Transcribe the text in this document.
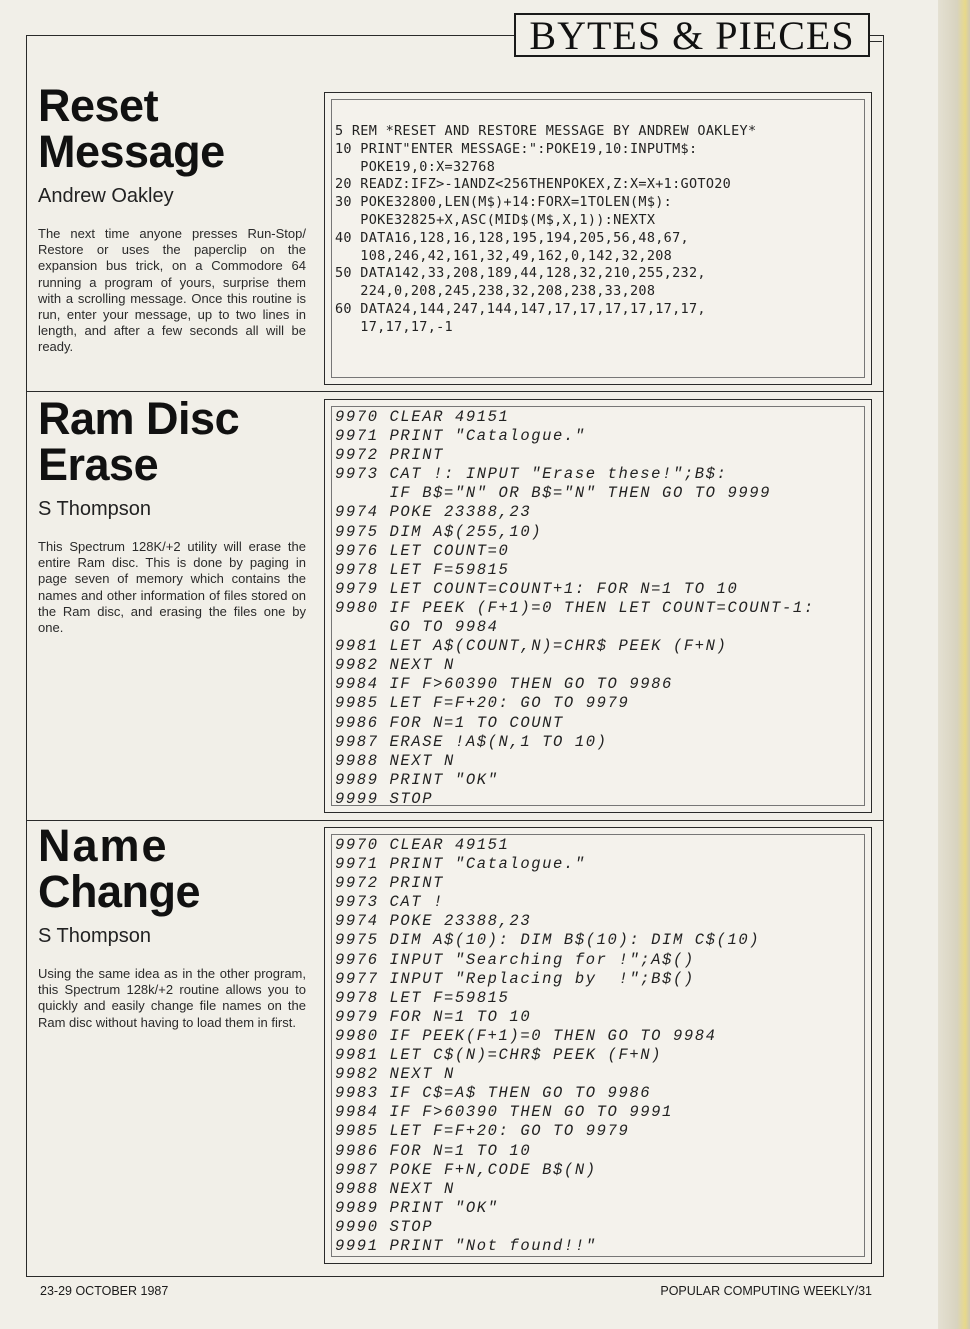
BYTES & PIECES
Reset
Message
Andrew Oakley
The next time anyone presses Run-Stop/ Restore or uses the paperclip on the expansion bus trick, on a Commodore 64 running a program of yours, surprise them with a scrolling message. Once this routine is run, enter your message, up to two lines in length, and after a few seconds all will be ready.
5 REM *RESET AND RESTORE MESSAGE BY ANDREW OAKLEY*
10 PRINT"ENTER MESSAGE:":POKE19,10:INPUTM$:
POKE19,0:X=32768
20 READZ:IFZ>-1ANDZ<256THENPOKEX,Z:X=X+1:GOTO20
30 POKE32800,LEN(M$)+14:FORX=1TOLEN(M$):
POKE32825+X,ASC(MID$(M$,X,1)):NEXTX
40 DATA16,128,16,128,195,194,205,56,48,67,
108,246,42,161,32,49,162,0,142,32,208
50 DATA142,33,208,189,44,128,32,210,255,232,
224,0,208,245,238,32,208,238,33,208
60 DATA24,144,247,144,147,17,17,17,17,17,17,
17,17,17,-1
Ram Disc
Erase
S Thompson
This Spectrum 128K/+2 utility will erase the entire Ram disc. This is done by paging in page seven of memory which contains the names and other information of files stored on the Ram disc, and erasing the files one by one.
9970 CLEAR 49151
9971 PRINT "Catalogue."
9972 PRINT
9973 CAT !: INPUT "Erase these!";B$:
IF B$="N" OR B$="N" THEN GO TO 9999
9974 POKE 23388,23
9975 DIM A$(255,10)
9976 LET COUNT=0
9978 LET F=59815
9979 LET COUNT=COUNT+1: FOR N=1 TO 10
9980 IF PEEK (F+1)=0 THEN LET COUNT=COUNT-1:
GO TO 9984
9981 LET A$(COUNT,N)=CHR$ PEEK (F+N)
9982 NEXT N
9984 IF F>60390 THEN GO TO 9986
9985 LET F=F+20: GO TO 9979
9986 FOR N=1 TO COUNT
9987 ERASE !A$(N,1 TO 10)
9988 NEXT N
9989 PRINT "OK"
9999 STOP
Name
Change
S Thompson
Using the same idea as in the other program, this Spectrum 128k/+2 routine allows you to quickly and easily change file names on the Ram disc without having to load them in first.
9970 CLEAR 49151
9971 PRINT "Catalogue."
9972 PRINT
9973 CAT !
9974 POKE 23388,23
9975 DIM A$(10): DIM B$(10): DIM C$(10)
9976 INPUT "Searching for !";A$()
9977 INPUT "Replacing by  !";B$()
9978 LET F=59815
9979 FOR N=1 TO 10
9980 IF PEEK(F+1)=0 THEN GO TO 9984
9981 LET C$(N)=CHR$ PEEK (F+N)
9982 NEXT N
9983 IF C$=A$ THEN GO TO 9986
9984 IF F>60390 THEN GO TO 9991
9985 LET F=F+20: GO TO 9979
9986 FOR N=1 TO 10
9987 POKE F+N,CODE B$(N)
9988 NEXT N
9989 PRINT "OK"
9990 STOP
9991 PRINT "Not found!!"
23-29 OCTOBER 1987	POPULAR COMPUTING WEEKLY/31
